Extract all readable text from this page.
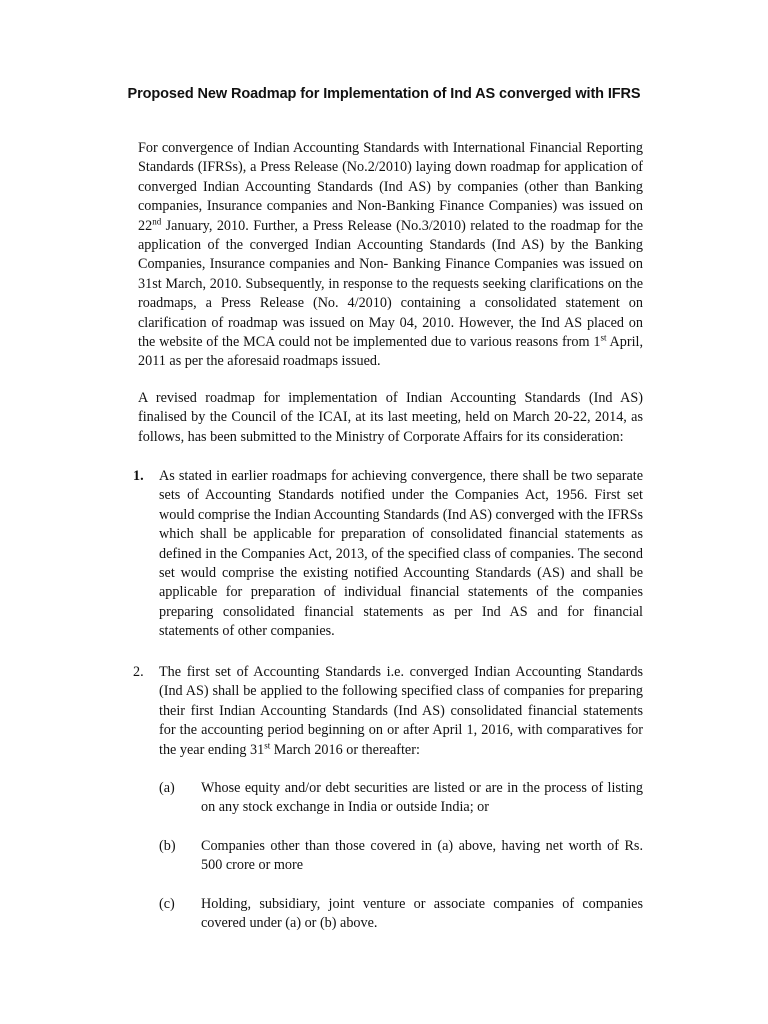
Proposed New Roadmap for Implementation of Ind AS converged with IFRS

For convergence of Indian Accounting Standards with International Financial Reporting Standards (IFRSs), a Press Release (No.2/2010) laying down roadmap for application of converged Indian Accounting Standards (Ind AS) by companies (other than Banking companies, Insurance companies and Non-Banking Finance Companies) was issued on 22nd January, 2010. Further, a Press Release (No.3/2010) related to the roadmap for the application of the converged Indian Accounting Standards (Ind AS) by the Banking Companies, Insurance companies and Non- Banking Finance Companies was issued on 31st March, 2010. Subsequently, in response to the requests seeking clarifications on the roadmaps, a Press Release (No. 4/2010) containing a consolidated statement on clarification of roadmap was issued on May 04, 2010. However, the Ind AS placed on the website of the MCA could not be implemented due to various reasons from 1st April, 2011 as per the aforesaid roadmaps issued.

A revised roadmap for implementation of Indian Accounting Standards (Ind AS) finalised by the Council of the ICAI, at its last meeting, held on March 20-22, 2014, as follows, has been submitted to the Ministry of Corporate Affairs for its consideration:

1. As stated in earlier roadmaps for achieving convergence, there shall be two separate sets of Accounting Standards notified under the Companies Act, 1956. First set would comprise the Indian Accounting Standards (Ind AS) converged with the IFRSs which shall be applicable for preparation of consolidated financial statements as defined in the Companies Act, 2013, of the specified class of companies. The second set would comprise the existing notified Accounting Standards (AS) and shall be applicable for preparation of individual financial statements of the companies preparing consolidated financial statements as per Ind AS and for financial statements of other companies.

2. The first set of Accounting Standards i.e. converged Indian Accounting Standards (Ind AS) shall be applied to the following specified class of companies for preparing their first Indian Accounting Standards (Ind AS) consolidated financial statements for the accounting period beginning on or after April 1, 2016, with comparatives for the year ending 31st March 2016 or thereafter:

(a) Whose equity and/or debt securities are listed or are in the process of listing on any stock exchange in India or outside India; or

(b) Companies other than those covered in (a) above, having net worth of Rs. 500 crore or more

(c) Holding, subsidiary, joint venture or associate companies of companies covered under (a) or (b) above.
